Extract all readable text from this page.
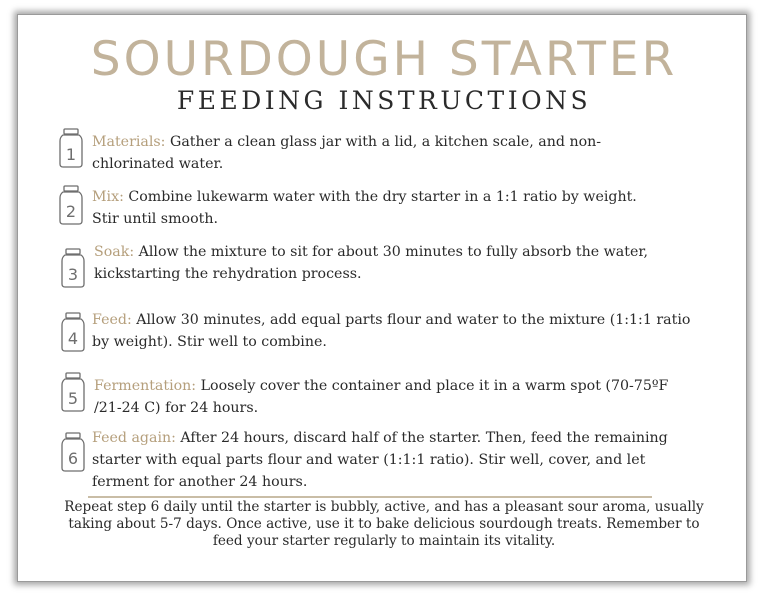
SOURDOUGH STARTER
FEEDING INSTRUCTIONS
1
Materials: Gather a clean glass jar with a lid, a kitchen scale, and non-
chlorinated water.
2
Mix: Combine lukewarm water with the dry starter in a 1:1 ratio by weight.
Stir until smooth.
3
Soak: Allow the mixture to sit for about 30 minutes to fully absorb the water,
kickstarting the rehydration process.
4
Feed: Allow 30 minutes, add equal parts flour and water to the mixture (1:1:1 ratio
by weight). Stir well to combine.
5
Fermentation: Loosely cover the container and place it in a warm spot (70-75ºF
/21-24 C) for 24 hours.
6
Feed again: After 24 hours, discard half of the starter. Then, feed the remaining
starter with equal parts flour and water (1:1:1 ratio). Stir well, cover, and let
ferment for another 24 hours.
Repeat step 6 daily until the starter is bubbly, active, and has a pleasant sour aroma, usually
taking about 5-7 days. Once active, use it to bake delicious sourdough treats. Remember to
feed your starter regularly to maintain its vitality.
